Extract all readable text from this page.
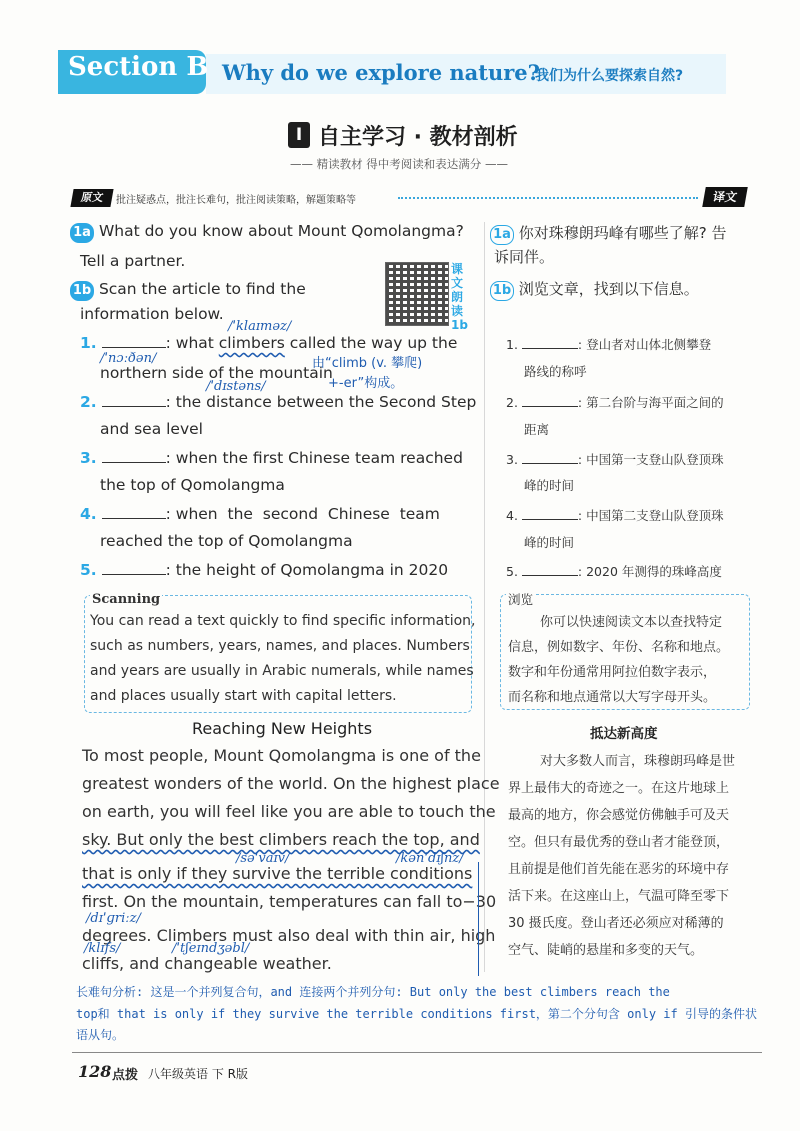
Section B Why do we explore nature?
我们为什么要探索自然?
I 自主学习 · 教材剖析
—— 精读教材 得中考阅读和表达满分 ——
原文	批注疑惑点，批注长难句，批注阅读策略，解题策略等	译文
1a What do you know about Mount Qomolangma?
Tell a partner.
1b Scan the article to find the
information below.
课文朗读1b
/ˈklaɪməz/
/ˈnɔːðən/
/ˈdɪstəns/
1.	: what climbers called the way up the
northern side of the mountain
由“climb (v. 攀爬)
+-er”构成。
2.	: the distance between the Second Step
and sea level
3.	: when the first Chinese team reached
the top of Qomolangma
4.	: when  the  second  Chinese  team
reached the top of Qomolangma
5.	: the height of Qomolangma in 2020
Scanning
You can read a text quickly to find specific information,
such as numbers, years, names, and places. Numbers
and years are usually in Arabic numerals, while names
and places usually start with capital letters.
Reaching New Heights
To most people, Mount Qomolangma is one of the
greatest wonders of the world. On the highest place
on earth, you will feel like you are able to touch the
sky. But only the best climbers reach the top, and
/səˈvaɪv/	/kənˈdɪʃnz/
that is only if they survive the terrible conditions
first. On the mountain, temperatures can fall to−30
/dɪˈɡriːz/
degrees. Climbers must also deal with thin air, high
/klɪfs/	/ˈtʃeɪndʒəbl/
cliffs, and changeable weather.
1a 你对珠穆朗玛峰有哪些了解? 告
诉同伴。
1b 浏览文章，找到以下信息。
1.	: 登山者对山体北侧攀登
路线的称呼
2.	: 第二台阶与海平面之间的
距离
3.	: 中国第一支登山队登顶珠
峰的时间
4.	: 中国第二支登山队登顶珠
峰的时间
5.	: 2020 年测得的珠峰高度
浏览
你可以快速阅读文本以查找特定
信息，例如数字、年份、名称和地点。
数字和年份通常用阿拉伯数字表示，
而名称和地点通常以大写字母开头。
抵达新高度
对大多数人而言，珠穆朗玛峰是世
界上最伟大的奇迹之一。在这片地球上
最高的地方，你会感觉仿佛触手可及天
空。但只有最优秀的登山者才能登顶，
且前提是他们首先能在恶劣的环境中存
活下来。在这座山上，气温可降至零下
30 摄氏度。登山者还必须应对稀薄的
空气、陡峭的悬崖和多变的天气。
长难句分析: 这是一个并列复合句，and 连接两个并列分句: But only the best climbers reach the
top和 that is only if they survive the terrible conditions first，第二个分句含 only if 引导的条件状
语从句。
128 点拨 八年级英语 下 R版
